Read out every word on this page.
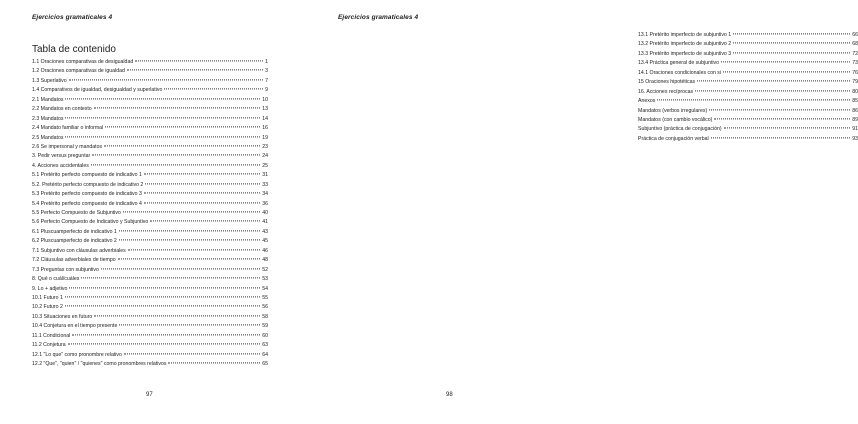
Ejercicios gramaticales 4
Tabla de contenido
1.1 Oraciones comparativas de desigualdad	1
1.2 Oraciones comparativas de igualdad	3
1.3 Superlativo	7
1.4 Comparativos de igualdad, desigualdad y superlativo	9
2.1 Mandatos	10
2.2 Mandatos en contexto	13
2.3 Mandatos	14
2.4 Mandato familiar o informal	16
2.5 Mandatos	19
2.6 Se impersonal y mandatos	23
3. Pedir versus preguntar	24
4. Acciones accidentales	25
5.1 Pretérito perfecto compuesto de indicativo 1	31
5.2. Pretérito perfecto compuesto de indicativo 2	33
5.3 Pretérito perfecto compuesto de indicativo 3	34
5.4 Pretérito perfecto compuesto de indicativo 4	36
5.5 Perfecto Compuesto de Subjuntivo	40
5.6 Perfecto Compuesto de Indicativo y Subjuntivo	41
6.1 Pluscuamperfecto de indicativo 1	43
6.2 Pluscuamperfecto de indicativo 2	45
7.1 Subjuntivo con cláusulas adverbiales	46
7.2 Cláusulas adverbiales de tiempo	48
7.3 Preguntas con subjuntivo	52
8. Qué o cuál/cuáles	53
9. Lo + adjetivo	54
10.1 Futuro 1	55
10.2 Futuro 2	56
10.3 Situaciones en futuro	58
10.4 Conjetura en el tiempo presente	59
11.1 Condicional	60
11.2 Conjetura	63
12.1 "Lo que" como pronombre relativo	64
12.2 "Que", "quien" / "quienes" como pronombres relativos	65
97
Ejercicios gramaticales 4
13.1 Pretérito imperfecto de subjuntivo 1	66
13.2 Pretérito imperfecto de subjuntivo 2	68
13.3 Pretérito imperfecto de subjuntivo 3	72
13.4 Práctica general de subjuntivo	73
14.1 Oraciones condicionales con si	76
15 Oraciones hipotéticas	79
16. Acciones recíprocas	80
Anexos	85
Mandatos (verbos irregulares)	86
Mandatos (con cambio vocálico)	89
Subjuntivo (práctica de conjugación)	91
Práctica de conjugación verbal	93
98
